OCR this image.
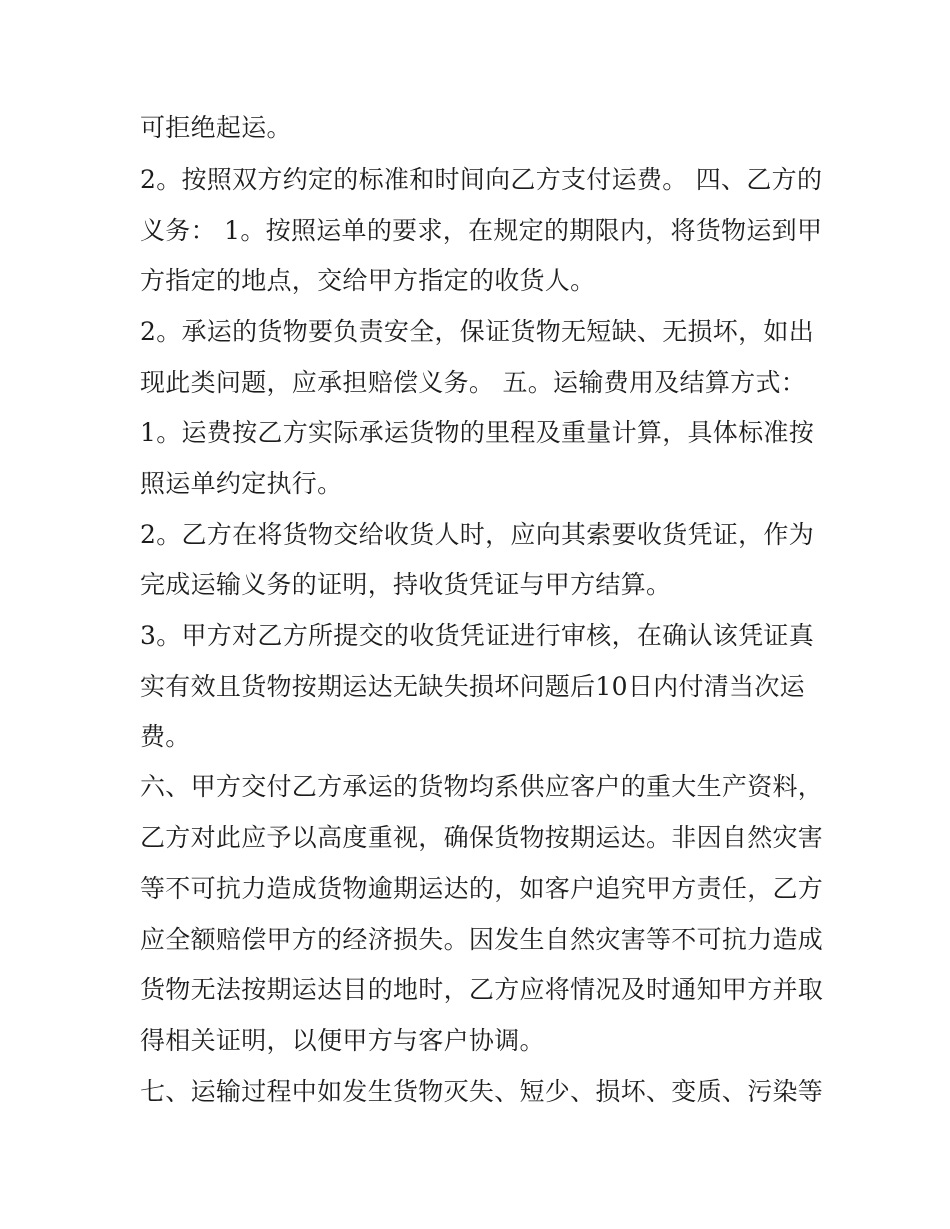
可拒绝起运。
2。按照双方约定的标准和时间向乙方支付运费。 四、乙方的
义务： 1。按照运单的要求，在规定的期限内，将货物运到甲
方指定的地点，交给甲方指定的收货人。
2。承运的货物要负责安全，保证货物无短缺、无损坏，如出
现此类问题，应承担赔偿义务。 五。运输费用及结算方式：
1。运费按乙方实际承运货物的里程及重量计算，具体标准按
照运单约定执行。
2。乙方在将货物交给收货人时，应向其索要收货凭证，作为
完成运输义务的证明，持收货凭证与甲方结算。
3。甲方对乙方所提交的收货凭证进行审核，在确认该凭证真
实有效且货物按期运达无缺失损坏问题后10日内付清当次运
费。
六、甲方交付乙方承运的货物均系供应客户的重大生产资料，
乙方对此应予以高度重视，确保货物按期运达。非因自然灾害
等不可抗力造成货物逾期运达的，如客户追究甲方责任，乙方
应全额赔偿甲方的经济损失。因发生自然灾害等不可抗力造成
货物无法按期运达目的地时，乙方应将情况及时通知甲方并取
得相关证明，以便甲方与客户协调。
七、运输过程中如发生货物灭失、短少、损坏、变质、污染等
